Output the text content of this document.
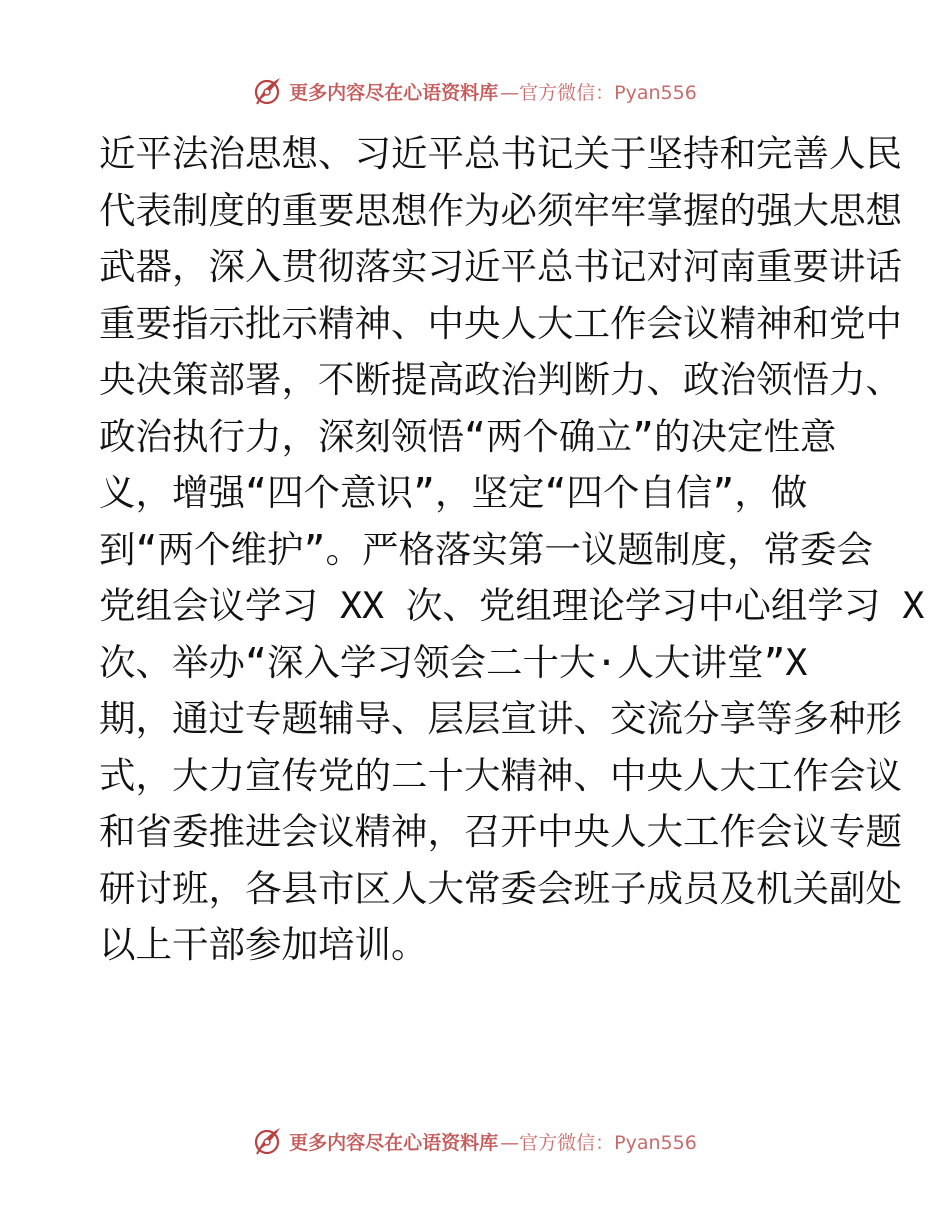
更多内容尽在心语资料库 —官方微信：Pyan556
近平法治思想、习近平总书记关于坚持和完善人民
代表制度的重要思想作为必须牢牢掌握的强大思想
武器，深入贯彻落实习近平总书记对河南重要讲话
重要指示批示精神、中央人大工作会议精神和党中
央决策部署，不断提高政治判断力、政治领悟力、
政治执行力，深刻领悟“两个确立”的决定性意
义，增强“四个意识”，坚定“四个自信”，做
到“两个维护”。严格落实第一议题制度，常委会
党组会议学习 XX 次、党组理论学习中心组学习 X
次、举办“深入学习领会二十大·人大讲堂”X
期，通过专题辅导、层层宣讲、交流分享等多种形
式，大力宣传党的二十大精神、中央人大工作会议
和省委推进会议精神，召开中央人大工作会议专题
研讨班，各县市区人大常委会班子成员及机关副处
以上干部参加培训。
更多内容尽在心语资料库 —官方微信：Pyan556
